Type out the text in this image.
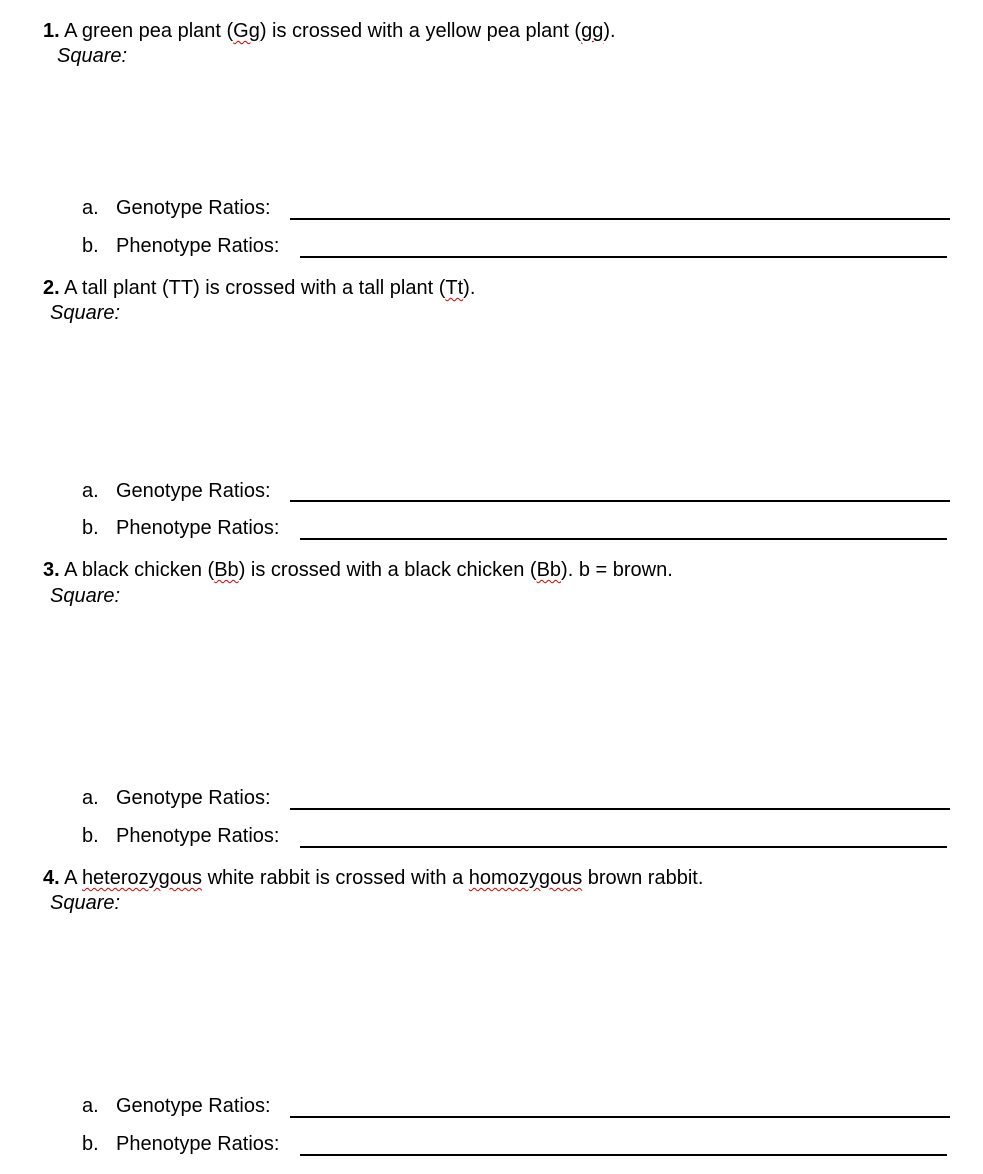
1. A green pea plant (Gg) is crossed with a yellow pea plant (gg).
Square:
a. Genotype Ratios:
b. Phenotype Ratios:
2. A tall plant (TT) is crossed with a tall plant (Tt).
Square:
a. Genotype Ratios:
b. Phenotype Ratios:
3. A black chicken (Bb) is crossed with a black chicken (Bb). b = brown.
Square:
a. Genotype Ratios:
b. Phenotype Ratios:
4. A heterozygous white rabbit is crossed with a homozygous brown rabbit.
Square:
a. Genotype Ratios:
b. Phenotype Ratios:
